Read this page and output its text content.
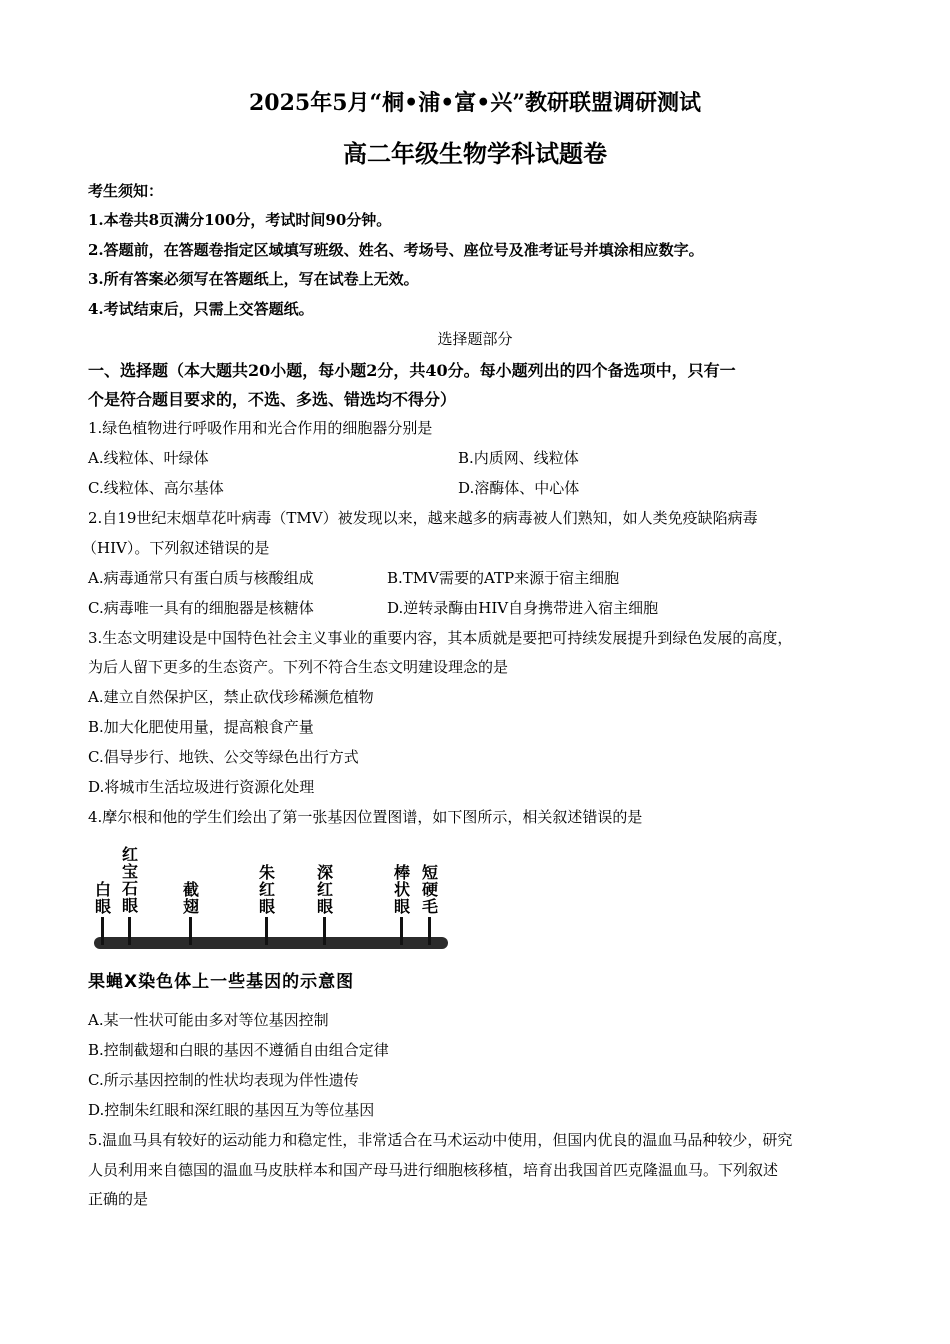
2025年5月“桐•浦•富•兴”教研联盟调研测试
高二年级生物学科试题卷
考生须知：
1.本卷共8页满分100分，考试时间90分钟。
2.答题前，在答题卷指定区域填写班级、姓名、考场号、座位号及准考证号并填涂相应数字。
3.所有答案必须写在答题纸上，写在试卷上无效。
4.考试结束后，只需上交答题纸。
选择题部分
一、选择题（本大题共20小题，每小题2分，共40分。每小题列出的四个备选项中，只有一
个是符合题目要求的，不选、多选、错选均不得分）
1.绿色植物进行呼吸作用和光合作用的细胞器分别是
A.线粒体、叶绿体	B.内质网、线粒体
C.线粒体、高尔基体	D.溶酶体、中心体
2.自19世纪末烟草花叶病毒（TMV）被发现以来，越来越多的病毒被人们熟知，如人类免疫缺陷病毒
（HIV）。下列叙述错误的是
A.病毒通常只有蛋白质与核酸组成	B.TMV需要的ATP来源于宿主细胞
C.病毒唯一具有的细胞器是核糖体	D.逆转录酶由HIV自身携带进入宿主细胞
3.生态文明建设是中国特色社会主义事业的重要内容，其本质就是要把可持续发展提升到绿色发展的高度，
为后人留下更多的生态资产。下列不符合生态文明建设理念的是
A.建立自然保护区，禁止砍伐珍稀濒危植物
B.加大化肥使用量，提高粮食产量
C.倡导步行、地铁、公交等绿色出行方式
D.将城市生活垃圾进行资源化处理
4.摩尔根和他的学生们绘出了第一张基因位置图谱，如下图所示，相关叙述错误的是
白眼
红宝石眼
截翅
朱红眼
深红眼
棒状眼
短硬毛
果蝇X染色体上一些基因的示意图
A.某一性状可能由多对等位基因控制
B.控制截翅和白眼的基因不遵循自由组合定律
C.所示基因控制的性状均表现为伴性遗传
D.控制朱红眼和深红眼的基因互为等位基因
5.温血马具有较好的运动能力和稳定性，非常适合在马术运动中使用，但国内优良的温血马品种较少，研究
人员利用来自德国的温血马皮肤样本和国产母马进行细胞核移植，培育出我国首匹克隆温血马。下列叙述
正确的是
